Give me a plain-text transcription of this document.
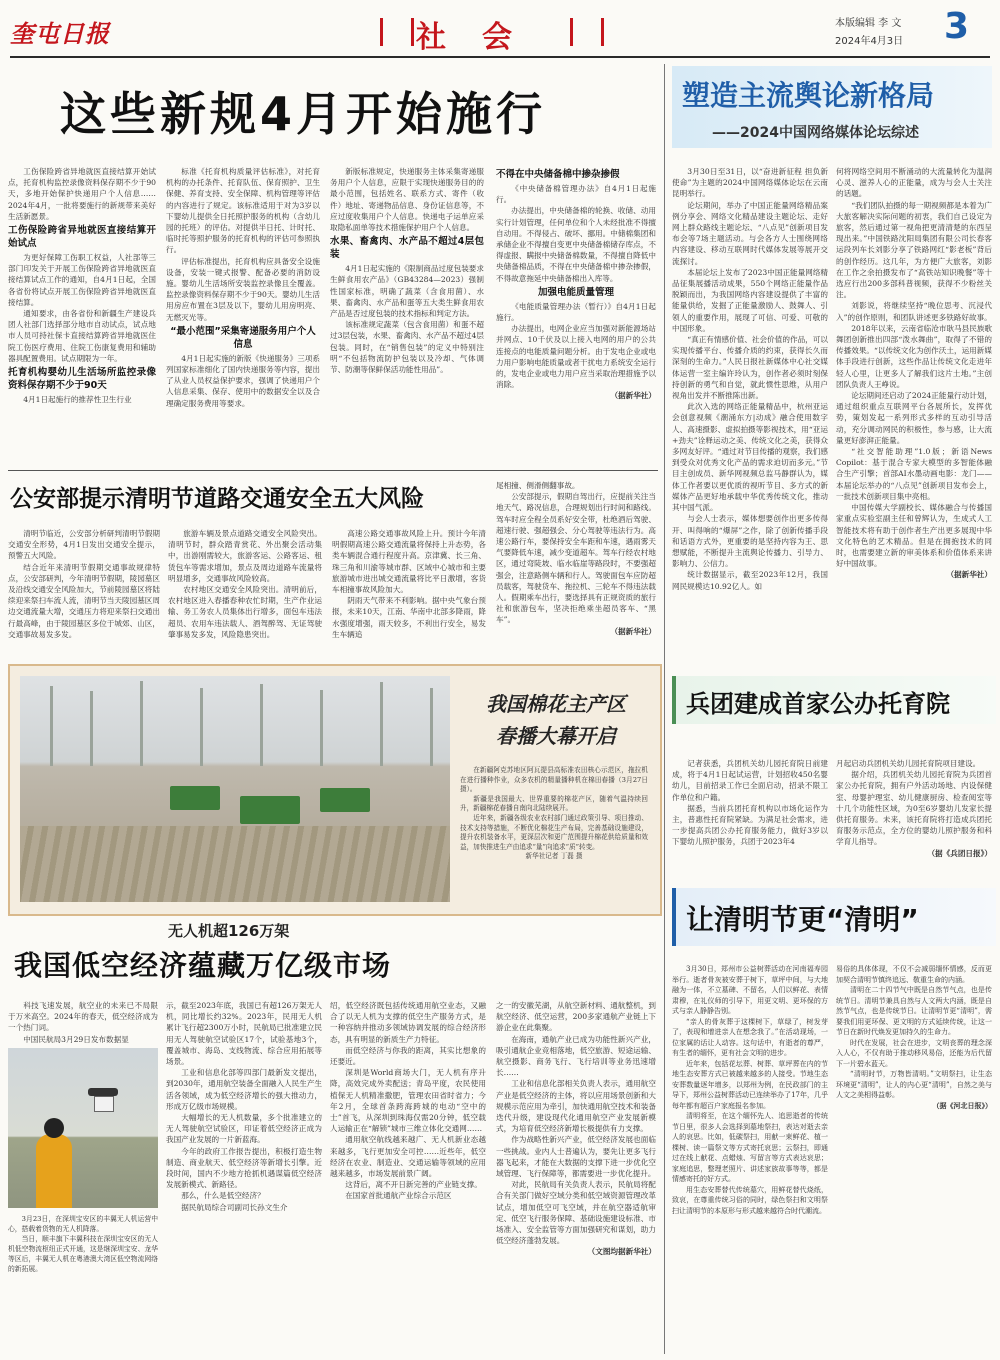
奎屯日报	社会	本版编辑 李 文
2024年4月3日 3
这些新规4月开始施行

工伤保险跨省异地就医直接结算开始试点，托育机构监控录像资料保存期不少于90天，多地开始保护快递用户个人信息……2024年4月，一批将要施行的新规带来美好生活新愿景。

工伤保险跨省异地就医直接结算开始试点

为更好保障工伤职工权益，人社部等三部门印发关于开展工伤保险跨省异地就医直接结算试点工作的通知，自4月1日起，全国各省份将试点开展工伤保险跨省异地就医直接结算。

通知要求，由各省份和新疆生产建设兵团人社部门选择部分地市自动试点，试点地市人员可持社保卡直接结算跨省异地就医住院工伤医疗费用、住院工伤康复费用和辅助器具配置费用。试点期限为一年。

托育机构婴幼儿生活场所监控录像资料保存期不少于90天

4月1日起施行的推荐性卫生行业

标准《托育机构质量评估标准》，对托育机构的办托条件、托育队伍、保育照护、卫生保健、养育支持、安全保障、机构管理等评估的内容进行了规定。该标准适用于对为3岁以下婴幼儿提供全日托照护服务的机构（含幼儿园的托班）的评估。对提供半日托、计时托、临时托等照护服务的托育机构的评估可参照执行。

评估标准提出，托育机构应具备安全设施设备，安装一键式报警、配备必要的消防设施。婴幼儿生活场所安装监控录像且全覆盖。监控录像资料保存期不少于90天。婴幼儿生活用房应布置在3层及以下，婴幼儿用房明亮、无燃灭光等。

“最小范围”采集寄递服务用户个人信息

4月1日起实施的新版《快递服务》三项系列国家标准细化了国内快递服务等内容，提出了从业人员权益保护要求，强调了快递用户个人信息采集、保存、使用中的数据安全以及合理确定服务费用等要求。

新版标准规定，快递服务主体采集寄递服务用户个人信息，应限于实现快递服务目的的最小范围，包括姓名、联系方式、寄件（收件）地址、寄递物品信息、身份证信息等，不应过度收集用户个人信息。快递电子运单应采取隐私面单等技术措施保护用户个人信息。

水果、畜禽肉、水产品不超过4层包装

4月1日起实施的《限制商品过度包装要求 生鲜食用农产品》（GB43284—2023）强制性国家标准，明确了蔬菜（含食用菌）、水果、畜禽肉、水产品和蛋等五大类生鲜食用农产品是否过度包装的技术指标和判定方法。

该标准规定蔬菜（包含食用菌）和蛋不超过3层包装，水果、畜禽肉、水产品不超过4层包装。同时，在“销售包装”的定义中特别注明“不包括物流防护包装以及冷却、气体调节、防潮等保鲜保活功能性用品”。

不得在中央储备棉中掺杂掺假

《中央储备棉管理办法》自4月1日起施行。

办法提出，中央储备棉的轮换、收储、动用实行计划管理，任何单位和个人未经批准不得擅自动用。不得侵占、破坏、挪用。中储棉集团和承储企业不得擅自变更中央储备棉储存库点，不得虚报、瞒报中央储备棉数量，不得擅自降低中央储备棉品质，不得在中央储备棉中掺杂掺假，不得故意拖延中央储备棉出入库等。

加强电能质量管理

《电能质量管理办法（暂行）》自4月1日起施行。

办法提出，电网企业应当加强对新能源场站并网点、10千伏及以上接入电网的用户的公共连接点的电能质量问题分析。由于发电企业或电力用户影响电能质量或者干扰电力系统安全运行的，发电企业或电力用户应当采取治理措施予以消除。

（据新华社）
公安部提示清明节道路交通安全五大风险

清明节临近，公安部分析研判清明节假期交通安全形势，4月1日发出交通安全提示，预警五大风险。

结合近年来清明节假期交通事故规律特点，公安部研判，今年清明节假期，陵园墓区及沿线交通安全风险加大，节前陵园墓区将陆续迎来祭扫车流人流，清明节当天陵园墓区周边交通流量大增，交通压力将迎来祭扫交通出行最高峰，由于陵园墓区多位于城郊、山区，交通事故易发多发。

旅游车辆及景点道路交通安全风险突出。清明节时，群众踏青赏花、外出聚会活动集中，出游刚需较大，旅游客运、公路客运、租赁包车等需求增加，景点及周边道路车流量将明显增多，交通事故风险较高。

农村地区交通安全风险突出。清明前后，农村地区进入春播春种农忙时期，生产作业运输、务工务农人员集体出行增多，面包车违法超员、农用车违法载人、酒驾醉驾、无证驾驶肇事易发多发，风险隐患突出。

高速公路交通事故风险上升。预计今年清明假期高速公路交通流量将保持上升态势，各类车辆混合通行程度升高。京津冀、长三角、珠三角和川渝等城市群、区域中心城市和主要旅游城市进出城交通流量将比平日激增，客货车相撞事故风险加大。

阴雨天气带来不利影响。据中央气象台预报，未来10天，江南、华南中北部多降雨，降水强度增强，雨天较多，不利出行安全，易发生车辆追

尾相撞、侧滑侧翻事故。

公安部提示，假期自驾出行，应提前关注当地天气、路况信息，合理规划出行时间和路线。驾车时应全程全员系好安全带，杜绝酒后驾驶、超速行驶、强超强会、分心驾驶等违法行为。高速公路行车，要保持安全车距和车速，遇雨雾天气要降低车速，减少变道超车。驾车行经农村地区，通过弯陡坡、临水临崖等路段时，不要强超强会，注意路侧车辆和行人。驾驶面包车应防超员载客，驾驶货车、拖拉机、三轮车不得违法载人。假期乘车出行，要选择具有正规资质的旅行社和旅游包车，坚决拒绝乘坐超员客车、“黑车”。

（据新华社）
塑造主流舆论新格局
——2024中国网络媒体论坛综述

3月30日至31日，以“奋进新征程 担负新使命”为主题的2024中国网络媒体论坛在云南昆明举行。

论坛期间，举办了中国正能量网络精品案例分享会、网络文化精品建设主题论坛、走好网上群众路线主题论坛、“八点见”创新项目发布会等7场主题活动。与会各方人士围绕网络内容建设、移动互联网时代媒体发展等展开交流探讨。

本届论坛上发布了2023中国正能量网络精品征集展播活动成果，550个网络正能量作品脱颖而出，为我国网络内容建设提供了丰富的能量供给，发掘了正能量激励人、鼓舞人、引领人的重要作用，展现了可信、可爱、可敬的中国形象。

“真正有情感价值、社会价值的作品，可以实现传播平台、传播介质的约束，获得长久而深刻的生命力。”人民日报社新媒体中心社交媒体运营一室主编许玲认为，创作者必须时刻保持创新的勇气和自觉，就此惯性思维，从用户视角出发并不断推陈出新。

此次入选的网络正能量精品中，杭州亚运会创意视频《潮涌东方|动成》融合使用数字人、高速摄影、虚拟拍摄等影视技术，用“亚运+劲夫”诠释运动之美、传统文化之美，获得众多网友好评。“通过对节目传播的观察，我们感到受众对优秀文化产品的需求迫切而多元。”节目主创成员、新华网视频总监马静群认为，媒体工作者要以更优质的视听节目、多方式的新媒体产品更好地承载中华优秀传统文化，推动其中国气派。

与会人士表示，媒体想要创作出更多传得开、叫得响的“爆屏”之作，除了创新传播手段和话语方式外，更重要的是坚持内容为王、思想赋能，不断提升主流舆论传播力、引导力、影响力、公信力。

统计数据显示，截至2023年12月，我国网民规模达10.92亿人。如

何将网络空间用不断涌动的大流量转化为温润心灵、滋养人心的正能量，成为与会人士关注的话题。

“我们团队拍摄的每一期视频都是本着为广大旅客解决实际问题的初衷，我们自己设定为旅客，然后通过第一视角把更清清楚的东西呈现出来。”中国铁路沈阳局集团有限公司长春客运段列车长刘影分享了铁路网红“影老板”背后的创作经历。这几年，为方便广大旅客，刘影在工作之余拍摄发布了“高铁站知识晚餐”等十选应行出200多部科普视频，获得不少粉丝关注。

刘影说，将继续坚持“晚位思考、沉浸代入”的创作原则，和团队讲述更多铁路好故事。

2018年以来，云南省临沧市耿马县民族歌舞团创新推出四部“泼水舞曲”，取得了不错的传播效果。“以传统文化为创作沃土，运用新媒体手段进行创新，这些作品让传统文化走进年轻人心里，让更多人了解我们这片土地。”主创团队负责人王峥说。

论坛期间还启动了2024正能量行动计划，通过组织重点互联网平台各展所长，发挥优势，策划发起一系列形式多样的互动引导活动，充分调动网民的积极性，参与感，让大流量更好澎湃正能量。

“社交智能助理”1.0版；新语News Copilot：基于混合专家大模型的多智能体融合生产引擎；首部AI水墨动画电影：龙门——本届论坛举办的“八点见”创新项目发布会上，一批技术创新项目集中亮相。

中国传媒大学副校长、媒体融合与传播国家重点实验室副主任和曾辉认为，生成式人工智能技术将有助于创作者生产出更多展现中华文化特色的艺术精品。但是在拥抱技术的同时，也需要建立新的审美体系和价值体系来讲好中国故事。

（据新华社）
我国棉花主产区
春播大幕开启

在新疆阿克苏地区阿瓦提县高标准农田核心示范区，拖拉机在进行播种作业，众多农机的精量播种机在棉田春播（3月27日摄）。

新疆是我国最大、世界重要的棉花产区，随着气温持续回升，新疆棉花春播自南向北陆续展开。

近年来，新疆各级农业农村部门通过政策引导、项目推动、技术支持等措施，不断优化棉花生产布局，完善基础设施建设，提升农机装备水平，更深层次和更广范围提升棉花供给质量和效益，加快推进生产由追求“量”向追求“质”转变。

新华社记者 丁磊 摄
无人机超126万架
我国低空经济蕴藏万亿级市场

科技飞速发展，航空业的未来已不局限于万米高空。2024年的春天，低空经济成为一个热门词。

中国民航局3月29日发布数据显

3月23日，在深圳宝安区的丰翼无人机运营中心，搭载着货物的无人机降落。

当日，顺丰旗下丰翼科技在深圳宝安区的无人机低空物流枢纽正式开通，这是继深圳宝安、龙华等区后，丰翼无人机在粤港澳大湾区低空物流网络的新拓展。

示，截至2023年底，我国已有超126万架无人机，同比增长约32%。2023年，民用无人机累计飞行超2300万小时，民航局已批准建立民用无人驾驶航空试验区17个，试验基地3个，覆盖城市、海岛、支线物流、综合应用拓展等场景。

工业和信息化部等四部门最新发文提出，到2030年，通用航空装备全面融入人民生产生活各领域，成为低空经济增长的强大推动力，形成万亿级市场规模。

大幅增长的无人机数量，多个批准建立的无人驾驶航空试验区，印证着低空经济正成为我国产业发展的一片新蓝海。

今年的政府工作报告提出，积极打造生物制造、商业航天、低空经济等新增长引擎。近段时间，国内不少地方抢抓机遇谋篇低空经济发展新模式、新路径。

那么，什么是低空经济？

据民航局综合司副司长孙文生介

绍，低空经济既包括传统通用航空业态，又融合了以无人机为支撑的低空生产服务方式，是一种容纳并推动多领域协调发展的综合经济形态，具有明显的新质生产力特征。

而低空经济与你我的距离，其实比想象的还要近。

深圳是World商场大门，无人机有序升降，高效完成外卖配送；青岛平度，农民使用植保无人机精准撒肥，管理农田省时省力；今年2月，全球首条跨海跨城的电动“空中的士”首飞，从深圳到珠海仅需20分钟，低空载人运输正在“解锁”城市三维立体化交通网……

通用航空航线越来越广、无人机新业态越来越多，飞行更加安全可控……近些年，低空经济在农业、制造业、交通运输等领域的应用越来越多，市场发展前景广阔。

这背后，离不开日新完善的产业链支撑。

在国家首批通航产业综合示范区

之一的安徽芜湖，从航空新材料、通航整机，到航空经济、低空运营，200多家通航产业链上下游企业在此集聚。

在海南，通航产业已成为功能性新兴产业，吸引通航企业竞相落地，低空旅游、短途运输、航空摄影、商务飞行、飞行培训等业务迅速增长……

工业和信息化部相关负责人表示，通用航空产业是低空经济的主体，将以应用场景创新和大规模示范应用为牵引，加快通用航空技术和装备迭代升级，建设现代化通用航空产业发展新模式，为培育低空经济新增长极提供有力支撑。

作为战略性新兴产业，低空经济发展也面临一些挑战。业内人士普遍认为，要先让更多飞行器飞起来，才能在大数据的支撑下进一步优化空域管理、飞行保障等，都需要进一步优化提升。

对此，民航局有关负责人表示，民航局将配合有关部门做好空域分类和低空域资源管理改革试点，增加低空可飞空域，并在航空器适航审定、低空飞行服务保障、基础设施建设标准、市场准入、安全监管等方面加强研究和谋划，助力低空经济蓬勃发展。

（文图均据新华社）
兵团建成首家公办托育院

记者获悉，兵团机关幼儿园托育院日前建成，将于4月1日起试运营，计划招收450名婴幼儿，目前招录工作已全面启动，招录不限工作单位和户籍。

据悉，当前兵团托育机构以市场化运作为主，普惠性托育院紧缺。为满足社会需求，进一步提高兵团公办托育服务能力，做好3岁以下婴幼儿照护服务，兵团于2023年4

月起启动兵团机关幼儿园托育院项目建设。

据介绍，兵团机关幼儿园托育院为兵团首家公办托育院，拥有户外活动场地、内设保健室、母婴护理室、幼儿健康厨房、检查阅室等十几个功能性区域，为0至6岁婴幼儿发家长提供托育服务。未来，该托育院将打造成兵团托育服务示范点，全方位的婴幼儿照护服务和科学育儿指导。

（据《兵团日报》）
让清明节更“清明”

3月30日，郑州市公益树葬活动在河南福寿园举行。逝者骨灰被安葬于树下，草坪中间，与大地融为一体，不立墓碑、不留名，人们以鲜花、表情肃穆，在礼仪师的引导下，用更文明、更环保的方式与亲人静静告别。

“亲人的骨灰葬于这棵树下，草绿了，树发芽了，表现和增进亲人在想念我了。”在活动现场，一位家属的话让人动容。这句话中，有逝者的尊严，有生者的缅怀，更有社会文明的进步。

近年来，包括花坛葬、树葬、草坪葬在内的节地生态安葬方式已被越来越多的人接受。节地生态安葬数量逐年增多，以郑州为例，在民政部门的主导下，郑州公益树葬活动已连续举办了17年，几乎每年都有超百户家庭报名参加。

清明将至，在这个缅怀先人、追思逝者的传统节日里，很多人会选择到墓地祭扫，表达对逝去亲人的哀思。比如，低碳祭扫，用献一束鲜花、植一棵树、读一篇祭文等方式寄托哀思；云祭扫，即通过在线上献花、点蜡烛、写留言等方式表达哀思；家庭追思，整理老照片、讲述家族故事等等，都是情感寄托的好方式。

用生态安葬替代传统墓穴，用鲜花替代烧纸，致哀，在尊重传统习俗的同时，绿色祭扫和文明祭扫让清明节的本原形与形式越来越符合时代潮流。

易俗的具体体现，不仅不会减弱缅怀情感，反而更加契合清明节慎终追远、敬重生命的内涵。

清明在二十四节气中既是自然节气点，也是传统节日。清明节兼具自然与人文两大内涵，既是自然节气点，也是传统节日。让清明节更“清明”，需要我们用更环保、更文明的方式延续传统，让这一节日在新时代焕发更加持久的生命力。

时代在发展，社会在进步，文明丧葬的理念深入人心，不仅有助于推动移风易俗，还能为后代留下一片碧水蓝天。

“清明时节，万物皆清明。”文明祭扫，让生态环境更“清明”，让人的内心更“清明”，自然之美与人文之美相得益彰。

（据《河北日报》）
